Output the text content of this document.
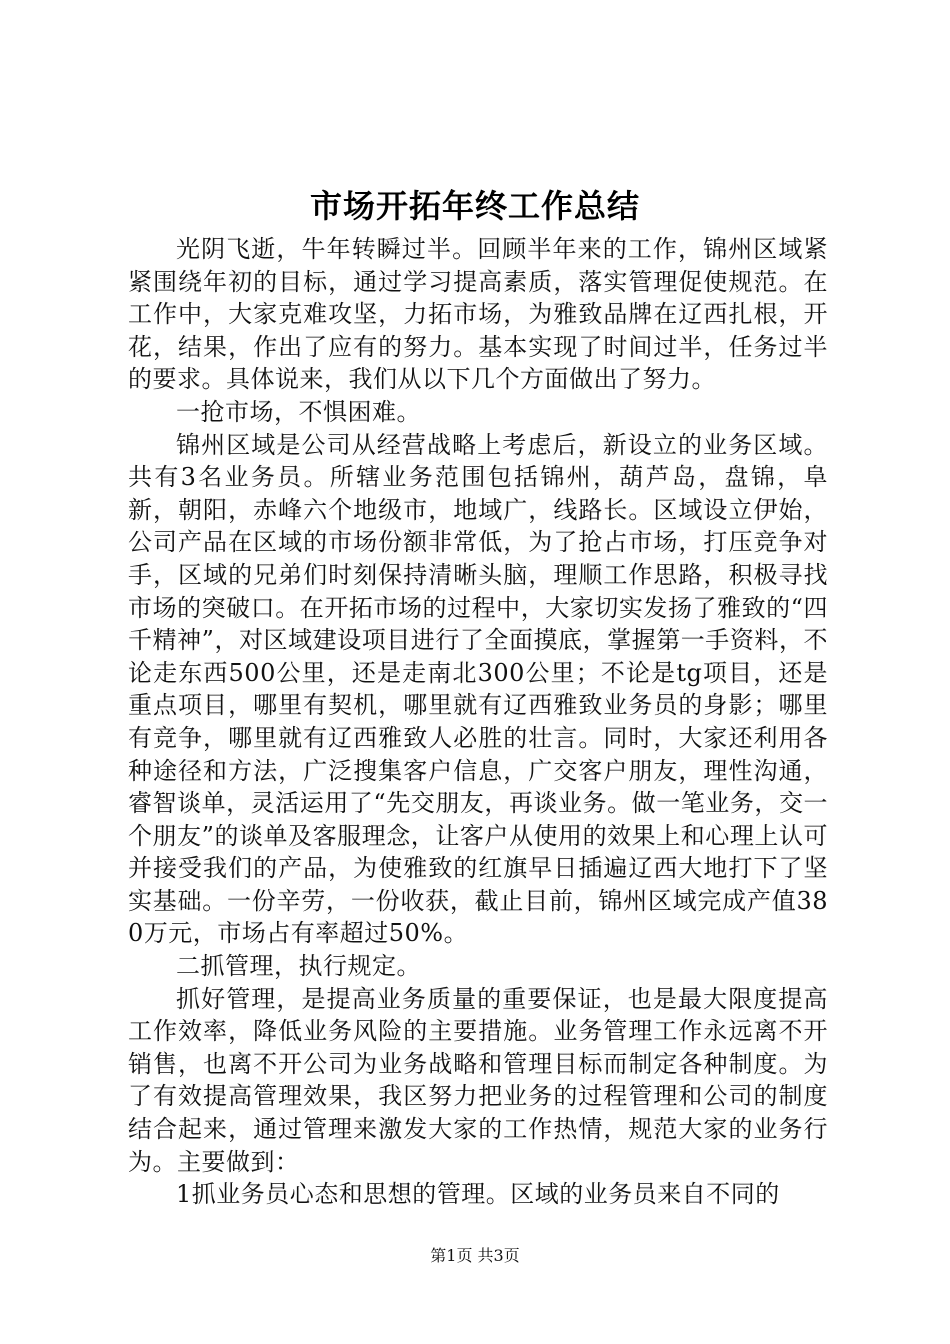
市场开拓年终工作总结

光阴飞逝，牛年转瞬过半。回顾半年来的工作，锦州区域紧紧围绕年初的目标，通过学习提高素质，落实管理促使规范。在工作中，大家克难攻坚，力拓市场，为雅致品牌在辽西扎根，开花，结果，作出了应有的努力。基本实现了时间过半，任务过半的要求。具体说来，我们从以下几个方面做出了努力。

一抢市场，不惧困难。

锦州区域是公司从经营战略上考虑后，新设立的业务区域。共有3名业务员。所辖业务范围包括锦州，葫芦岛，盘锦，阜新，朝阳，赤峰六个地级市，地域广，线路长。区域设立伊始，公司产品在区域的市场份额非常低，为了抢占市场，打压竞争对手，区域的兄弟们时刻保持清晰头脑，理顺工作思路，积极寻找市场的突破口。在开拓市场的过程中，大家切实发扬了雅致的“四千精神”，对区域建设项目进行了全面摸底，掌握第一手资料，不论走东西500公里，还是走南北300公里；不论是tg项目，还是重点项目，哪里有契机，哪里就有辽西雅致业务员的身影；哪里有竞争，哪里就有辽西雅致人必胜的壮言。同时，大家还利用各种途径和方法，广泛搜集客户信息，广交客户朋友，理性沟通，睿智谈单，灵活运用了“先交朋友，再谈业务。做一笔业务，交一个朋友”的谈单及客服理念，让客户从使用的效果上和心理上认可并接受我们的产品，为使雅致的红旗早日插遍辽西大地打下了坚实基础。一份辛劳，一份收获，截止目前，锦州区域完成产值380万元，市场占有率超过50%。

二抓管理，执行规定。

抓好管理，是提高业务质量的重要保证，也是最大限度提高工作效率，降低业务风险的主要措施。业务管理工作永远离不开销售，也离不开公司为业务战略和管理目标而制定各种制度。为了有效提高管理效果，我区努力把业务的过程管理和公司的制度结合起来，通过管理来激发大家的工作热情，规范大家的业务行为。主要做到：

1抓业务员心态和思想的管理。区域的业务员来自不同的

第1页 共3页
